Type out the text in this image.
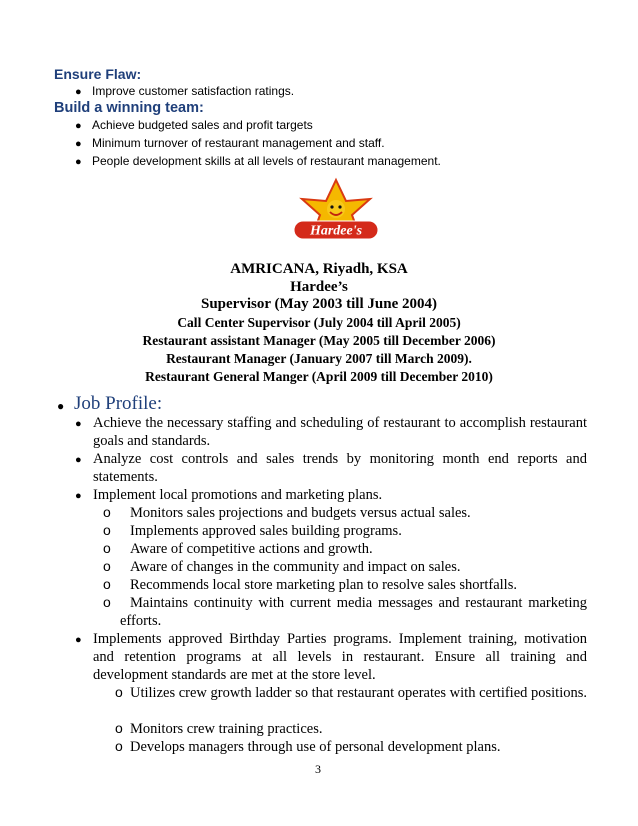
Ensure Flaw:
● Improve customer satisfaction ratings.
Build a winning team:
● Achieve budgeted sales and profit targets
● Minimum turnover of restaurant management and staff.
● People development skills at all levels of restaurant management.
Hardee's
AMRICANA, Riyadh, KSA
Hardee’s
Supervisor (May 2003 till June 2004)
Call Center Supervisor (July 2004 till April 2005)
Restaurant assistant Manager (May 2005 till December 2006)
Restaurant Manager (January 2007 till March 2009).
Restaurant General Manger (April 2009 till December 2010)
● Job Profile:
● Achieve the necessary staffing and scheduling of restaurant to accomplish restaurant goals and standards.
● Analyze cost controls and sales trends by monitoring month end reports and statements.
● Implement local promotions and marketing plans.
o Monitors sales projections and budgets versus actual sales.
o Implements approved sales building programs.
o Aware of competitive actions and growth.
o Aware of changes in the community and impact on sales.
o Recommends local store marketing plan to resolve sales shortfalls.
o	Maintains continuity with current media messages and restaurant marketing efforts.
● Implements approved Birthday Parties programs. Implement training, motivation and retention programs at all levels in restaurant. Ensure all training and development standards are met at the store level.
o Utilizes crew growth ladder so that restaurant operates with certified positions.
o Monitors crew training practices.
o Develops managers through use of personal development plans.
3
